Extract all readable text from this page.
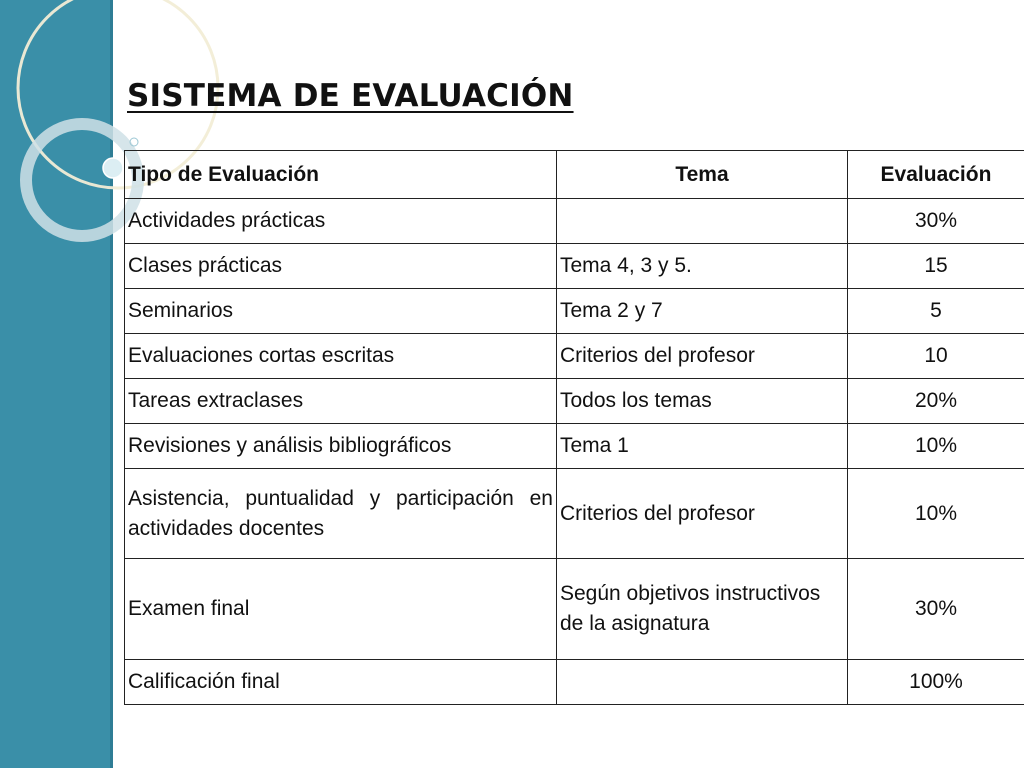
SISTEMA DE EVALUACIÓN
Tipo de Evaluación	Tema	Evaluación
Actividades prácticas		30%
Clases prácticas	Tema 4, 3 y 5.	15
Seminarios	Tema 2 y 7	5
Evaluaciones cortas escritas	Criterios del profesor	10
Tareas extraclases	Todos los temas	20%
Revisiones y análisis bibliográficos	Tema 1	10%
Asistencia, puntualidad y participación en actividades docentes	Criterios del profesor	10%
Examen final	Según objetivos instructivos de la asignatura	30%
Calificación final		100%
